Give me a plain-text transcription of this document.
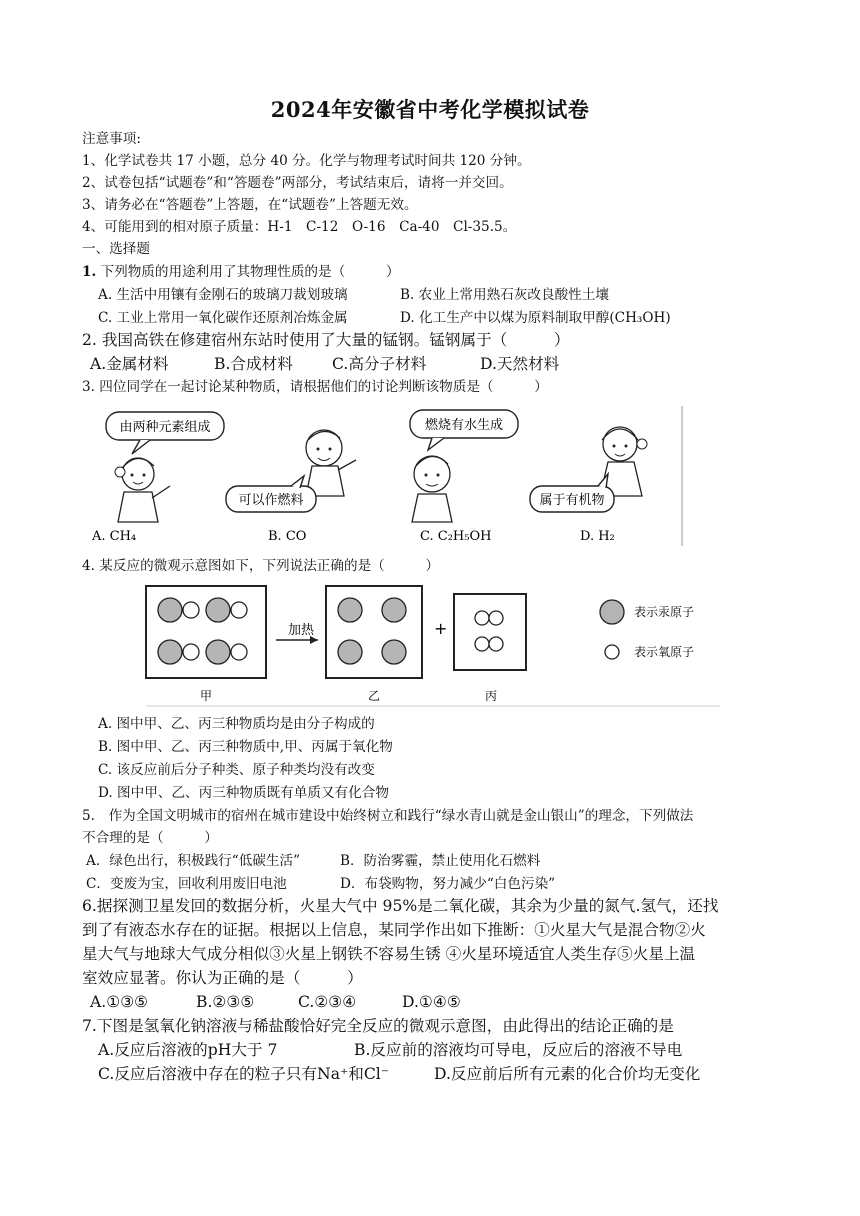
2024年安徽省中考化学模拟试卷
注意事项:
1、化学试卷共 17 小题，总分 40 分。化学与物理考试时间共 120 分钟。
2、试卷包括“试题卷”和“答题卷”两部分，考试结束后，请将一并交回。
3、请务必在“答题卷”上答题，在“试题卷”上答题无效。
4、可能用到的相对原子质量：H-1　C-12　O-16　Ca-40　Cl-35.5。
一、选择题
1. 下列物质的用途利用了其物理性质的是（　　　）
A. 生活中用镶有金刚石的玻璃刀裁划玻璃	B. 农业上常用熟石灰改良酸性土壤
C. 工业上常用一氧化碳作还原剂冶炼金属	D. 化工生产中以煤为原料制取甲醇(CH₃OH)
2. 我国高铁在修建宿州东站时使用了大量的锰钢。锰钢属于（　　　）
A.金属材料	B.合成材料	C.高分子材料	D.天然材料
3. 四位同学在一起讨论某种物质，请根据他们的讨论判断该物质是（　　　）
由两种元素组成
A. CH₄
可以作燃料
B. CO
燃烧有水生成
C. C₂H₅OH
属于有机物
D. H₂
4. 某反应的微观示意图如下，下列说法正确的是（　　　）
加热	+
表示汞原子
表示氧原子
甲	乙	丙
A. 图中甲、乙、丙三种物质均是由分子构成的
B. 图中甲、乙、丙三种物质中,甲、丙属于氧化物
C. 该反应前后分子种类、原子种类均没有改变
D. 图中甲、乙、丙三种物质既有单质又有化合物
5.　作为全国文明城市的宿州在城市建设中始终树立和践行“绿水青山就是金山银山”的理念，下列做法
不合理的是（　　　）
A．绿色出行，积极践行“低碳生活”	B．防治雾霾，禁止使用化石燃料
C．变废为宝，回收利用废旧电池	D．布袋购物，努力减少“白色污染”
6.据探测卫星发回的数据分析，火星大气中 95%是二氧化碳，其余为少量的氮气.氢气，还找
到了有液态水存在的证据。根据以上信息，某同学作出如下推断：①火星大气是混合物②火
星大气与地球大气成分相似③火星上钢铁不容易生锈 ④火星环境适宜人类生存⑤火星上温
室效应显著。你认为正确的是（　　　）
A.①③⑤	B.②③⑤	C.②③④	D.①④⑤
7.下图是氢氧化钠溶液与稀盐酸恰好完全反应的微观示意图，由此得出的结论正确的是
A.反应后溶液的pH大于 7	B.反应前的溶液均可导电，反应后的溶液不导电
C.反应后溶液中存在的粒子只有Na⁺和Cl⁻	D.反应前后所有元素的化合价均无变化
